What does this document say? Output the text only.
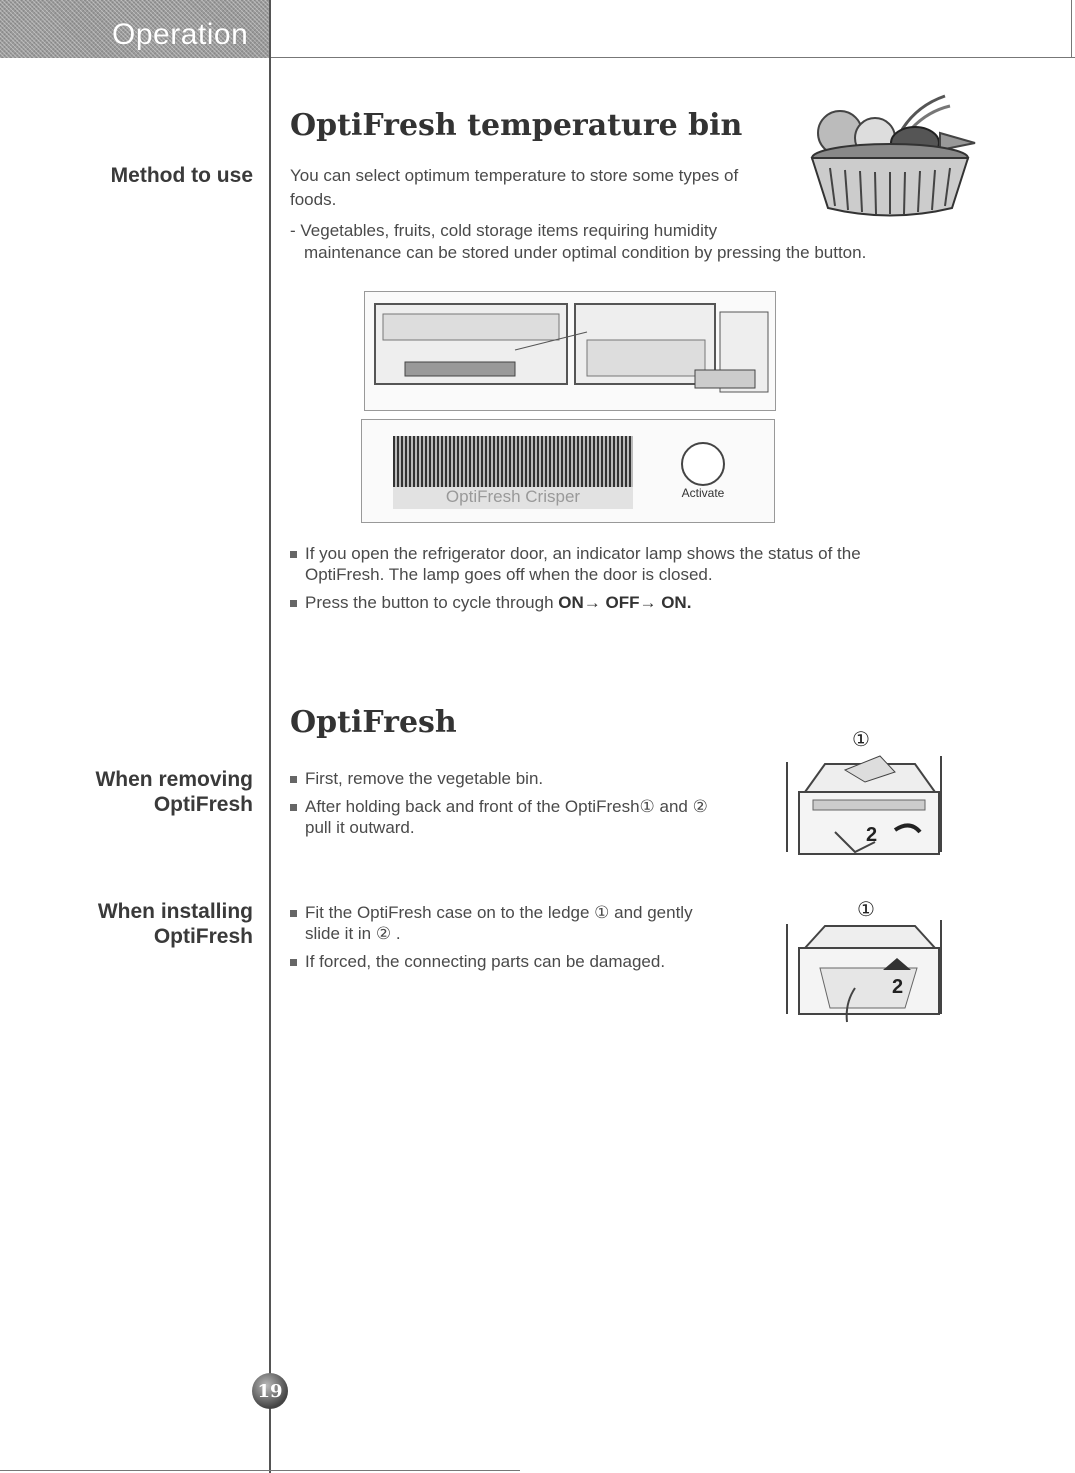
Operation
Method to use
OptiFresh temperature bin
You can select optimum temperature to store some types of
foods.
- Vegetables, fruits, cold storage items requiring humidity
maintenance can be stored under optimal condition by pressing the button.
OptiFresh Crisper	Activate
If you open the refrigerator door, an indicator lamp shows the status of the
OptiFresh. The lamp goes off when the door is closed.
Press the button to cycle through ON→ OFF→ ON.
OptiFresh
When removing
OptiFresh
First, remove the vegetable bin.
After holding back and front of the OptiFresh① and ②
pull it outward.
①
2
When installing
OptiFresh
Fit the OptiFresh case on to the ledge ① and gently
slide it in ② .
If forced, the connecting parts can be damaged.
①
2
19
